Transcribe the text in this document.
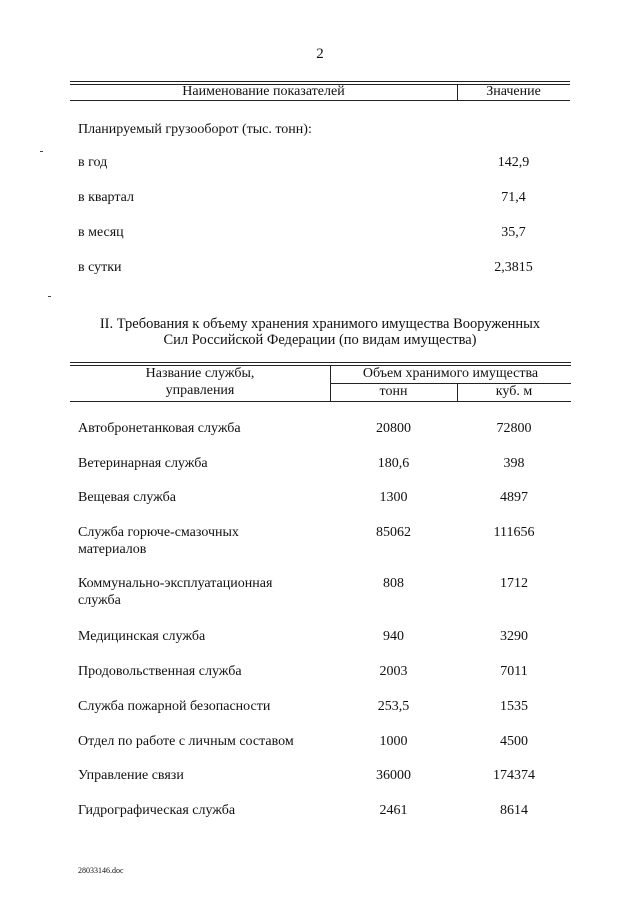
2
Наименование показателей	Значение
Планируемый грузооборот (тыс. тонн):
в год	142,9
в квартал	71,4
в месяц	35,7
в сутки	2,3815
II. Требования к объему хранения хранимого имущества Вооруженных
Сил Российской Федерации (по видам имущества)
Название службы,
управления
Объем хранимого имущества
тонн	куб. м
Автобронетанковая служба	20800	72800
Ветеринарная служба	180,6	398
Вещевая служба	1300	4897
Служба горюче-смазочных
материалов
85062	111656
Коммунально-эксплуатационная
служба
808	1712
Медицинская служба	940	3290
Продовольственная служба	2003	7011
Служба пожарной безопасности	253,5	1535
Отдел по работе с личным составом	1000	4500
Управление связи	36000	174374
Гидрографическая служба	2461	8614
28033146.doc
